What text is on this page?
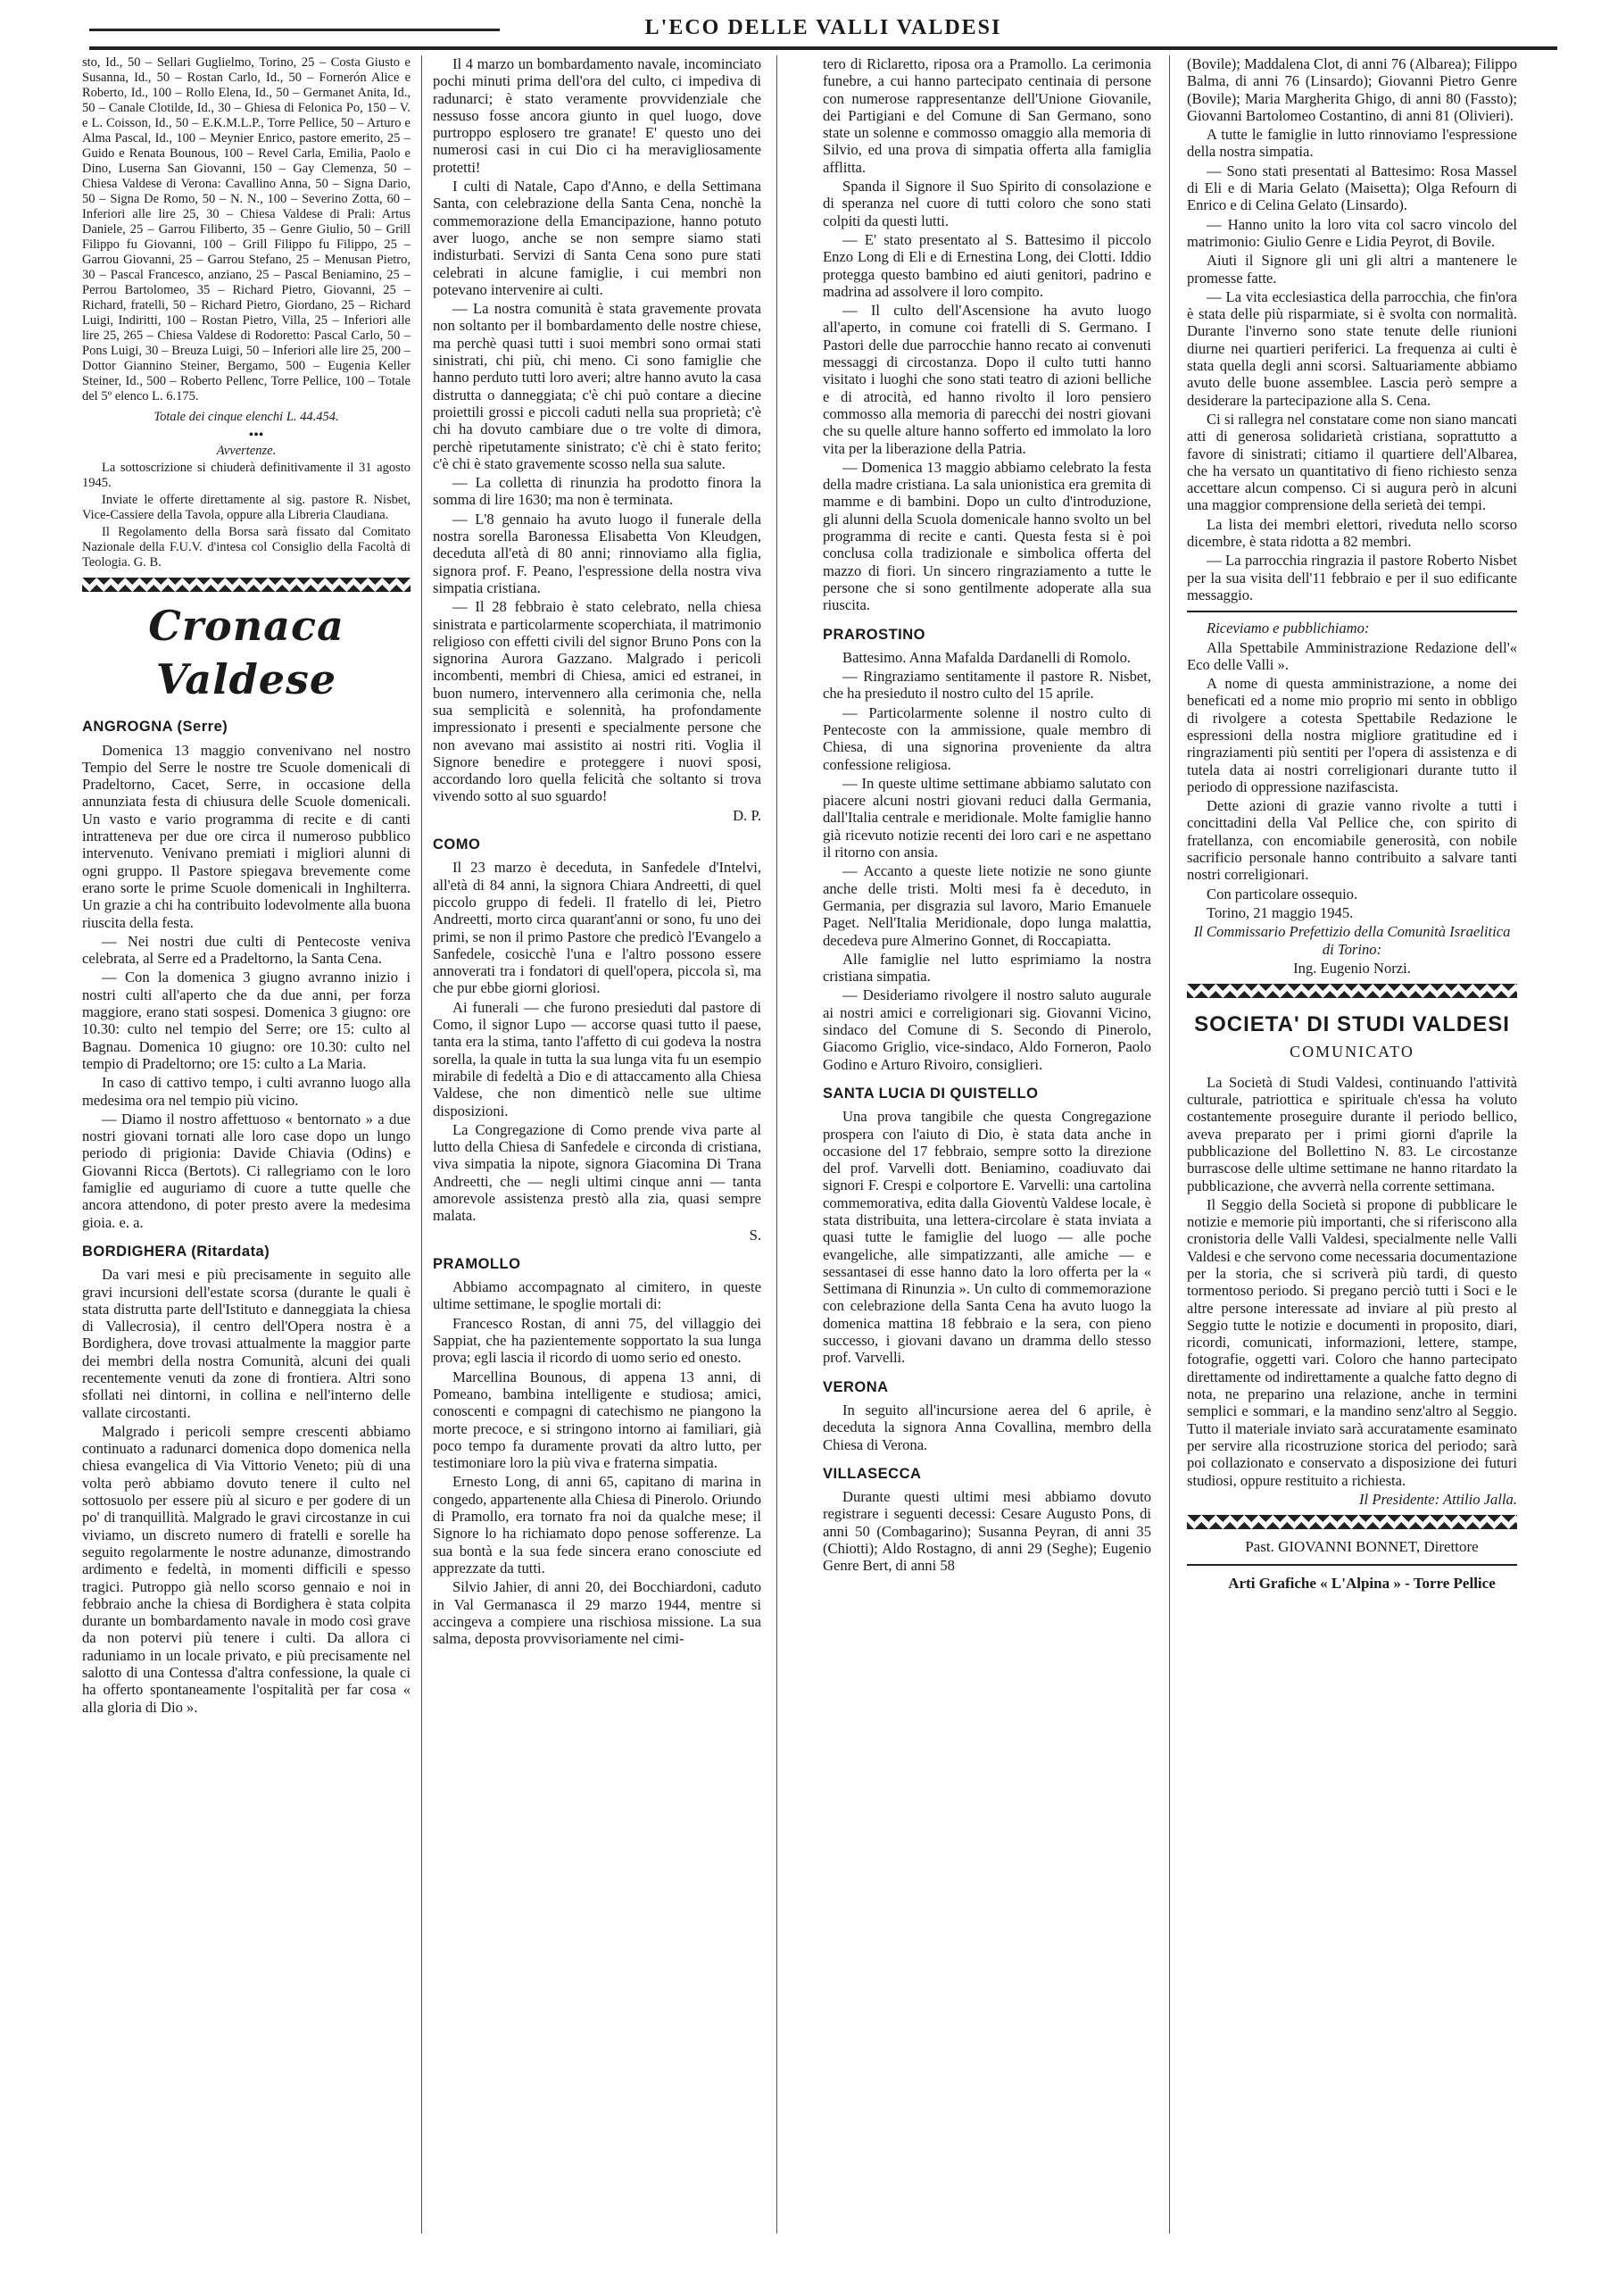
L'ECO DELLE VALLI VALDESI

sto, Id., 50 – Sellari Guglielmo, Torino, 25 – Costa Giusto e Susanna, Id., 50 – Rostan Carlo, Id., 50 – Fornerón Alice e Roberto, Id., 100 – Rollo Elena, Id., 50 – Germanet Anita, Id., 50 – Canale Clotilde, Id., 30 – Ghiesa di Felonica Po, 150 – V. e L. Coisson, Id., 50 – E.K.M.L.P., Torre Pellice, 50 – Arturo e Alma Pascal, Id., 100 – Meynier Enrico, pastore emerito, 25 – Guido e Renata Bounous, 100 – Revel Carla, Emilia, Paolo e Dino, Luserna San Giovanni, 150 – Gay Clemenza, 50 – Chiesa Valdese di Verona: Cavallino Anna, 50 – Signa Dario, 50 – Signa De Romo, 50 – N. N., 100 – Severino Zotta, 60 – Inferiori alle lire 25, 30 – Chiesa Valdese di Prali: Artus Daniele, 25 – Garrou Filiberto, 35 – Genre Giulio, 50 – Grill Filippo fu Giovanni, 100 – Grill Filippo fu Filippo, 25 – Garrou Giovanni, 25 – Garrou Stefano, 25 – Menusan Pietro, 30 – Pascal Francesco, anziano, 25 – Pascal Beniamino, 25 – Perrou Bartolomeo, 35 – Richard Pietro, Giovanni, 25 – Richard, fratelli, 50 – Richard Pietro, Giordano, 25 – Richard Luigi, Indiritti, 100 – Rostan Pietro, Villa, 25 – Inferiori alle lire 25, 265 – Chiesa Valdese di Rodoretto: Pascal Carlo, 50 – Pons Luigi, 30 – Breuza Luigi, 50 – Inferiori alle lire 25, 200 – Dottor Giannino Steiner, Bergamo, 500 – Eugenia Keller Steiner, Id., 500 – Roberto Pellenc, Torre Pellice, 100 – Totale del 5º elenco L. 6.175.

Totale dei cinque elenchi L. 44.454.

•••

Avvertenze.

La sottoscrizione si chiuderà definitivamente il 31 agosto 1945.

Inviate le offerte direttamente al sig. pastore R. Nisbet, Vice-Cassiere della Tavola, oppure alla Libreria Claudiana.

Il Regolamento della Borsa sarà fissato dal Comitato Nazionale della F.U.V. d'intesa col Consiglio della Facoltà di Teologia. G. B.

Cronaca Valdese

ANGROGNA (Serre)

Domenica 13 maggio convenivano nel nostro Tempio del Serre le nostre tre Scuole domenicali di Pradeltorno, Cacet, Serre, in occasione della annunziata festa di chiusura delle Scuole domenicali. Un vasto e vario programma di recite e di canti intratteneva per due ore circa il numeroso pubblico intervenuto. Venivano premiati i migliori alunni di ogni gruppo. Il Pastore spiegava brevemente come erano sorte le prime Scuole domenicali in Inghilterra. Un grazie a chi ha contribuito lodevolmente alla buona riuscita della festa.

— Nei nostri due culti di Pentecoste veniva celebrata, al Serre ed a Pradeltorno, la Santa Cena.

— Con la domenica 3 giugno avranno inizio i nostri culti all'aperto che da due anni, per forza maggiore, erano stati sospesi. Domenica 3 giugno: ore 10.30: culto nel tempio del Serre; ore 15: culto al Bagnau. Domenica 10 giugno: ore 10.30: culto nel tempio di Pradeltorno; ore 15: culto a La Maria.

In caso di cattivo tempo, i culti avranno luogo alla medesima ora nel tempio più vicino.

— Diamo il nostro affettuoso « bentornato » a due nostri giovani tornati alle loro case dopo un lungo periodo di prigionia: Davide Chiavia (Odins) e Giovanni Ricca (Bertots). Ci rallegriamo con le loro famiglie ed auguriamo di cuore a tutte quelle che ancora attendono, di poter presto avere la medesima gioia. e. a.

BORDIGHERA (Ritardata)

Da vari mesi e più precisamente in seguito alle gravi incursioni dell'estate scorsa (durante le quali è stata distrutta parte dell'Istituto e danneggiata la chiesa di Vallecrosia), il centro dell'Opera nostra è a Bordighera, dove trovasi attualmente la maggior parte dei membri della nostra Comunità, alcuni dei quali recentemente venuti da zone di frontiera. Altri sono sfollati nei dintorni, in collina e nell'interno delle vallate circostanti.

Malgrado i pericoli sempre crescenti abbiamo continuato a radunarci domenica dopo domenica nella chiesa evangelica di Via Vittorio Veneto; più di una volta però abbiamo dovuto tenere il culto nel sottosuolo per essere più al sicuro e per godere di un po' di tranquillità. Malgrado le gravi circostanze in cui viviamo, un discreto numero di fratelli e sorelle ha seguito regolarmente le nostre adunanze, dimostrando ardimento e fedeltà, in momenti difficili e spesso tragici. Putroppo già nello scorso gennaio e noi in febbraio anche la chiesa di Bordighera è stata colpita durante un bombardamento navale in modo così grave da non potervi più tenere i culti. Da allora ci raduniamo in un locale privato, e più precisamente nel salotto di una Contessa d'altra confessione, la quale ci ha offerto spontaneamente l'ospitalità per far cosa « alla gloria di Dio ».

Il 4 marzo un bombardamento navale, incominciato pochi minuti prima dell'ora del culto, ci impediva di radunarci; è stato veramente provvidenziale che nessuso fosse ancora giunto in quel luogo, dove purtroppo esplosero tre granate! E' questo uno dei numerosi casi in cui Dio ci ha meravigliosamente protetti!

I culti di Natale, Capo d'Anno, e della Settimana Santa, con celebrazione della Santa Cena, nonchè la commemorazione della Emancipazione, hanno potuto aver luogo, anche se non sempre siamo stati indisturbati. Servizi di Santa Cena sono pure stati celebrati in alcune famiglie, i cui membri non potevano intervenire ai culti.

— La nostra comunità è stata gravemente provata non soltanto per il bombardamento delle nostre chiese, ma perchè quasi tutti i suoi membri sono ormai stati sinistrati, chi più, chi meno. Ci sono famiglie che hanno perduto tutti loro averi; altre hanno avuto la casa distrutta o danneggiata; c'è chi può contare a diecine proiettili grossi e piccoli caduti nella sua proprietà; c'è chi ha dovuto cambiare due o tre volte di dimora, perchè ripetutamente sinistrato; c'è chi è stato ferito; c'è chi è stato gravemente scosso nella sua salute.

— La colletta di rinunzia ha prodotto finora la somma di lire 1630; ma non è terminata.

— L'8 gennaio ha avuto luogo il funerale della nostra sorella Baronessa Elisabetta Von Kleudgen, deceduta all'età di 80 anni; rinnoviamo alla figlia, signora prof. F. Peano, l'espressione della nostra viva simpatia cristiana.

— Il 28 febbraio è stato celebrato, nella chiesa sinistrata e particolarmente scoperchiata, il matrimonio religioso con effetti civili del signor Bruno Pons con la signorina Aurora Gazzano. Malgrado i pericoli incombenti, membri di Chiesa, amici ed estranei, in buon numero, intervennero alla cerimonia che, nella sua semplicità e solennità, ha profondamente impressionato i presenti e specialmente persone che non avevano mai assistito ai nostri riti. Voglia il Signore benedire e proteggere i nuovi sposi, accordando loro quella felicità che soltanto si trova vivendo sotto al suo sguardo!

D. P.

COMO

Il 23 marzo è deceduta, in Sanfedele d'Intelvi, all'età di 84 anni, la signora Chiara Andreetti, di quel piccolo gruppo di fedeli. Il fratello di lei, Pietro Andreetti, morto circa quarant'anni or sono, fu uno dei primi, se non il primo Pastore che predicò l'Evangelo a Sanfedele, cosicchè l'una e l'altro possono essere annoverati tra i fondatori di quell'opera, piccola sì, ma che pur ebbe giorni gloriosi.

Ai funerali — che furono presieduti dal pastore di Como, il signor Lupo — accorse quasi tutto il paese, tanta era la stima, tanto l'affetto di cui godeva la nostra sorella, la quale in tutta la sua lunga vita fu un esempio mirabile di fedeltà a Dio e di attaccamento alla Chiesa Valdese, che non dimenticò nelle sue ultime disposizioni.

La Congregazione di Como prende viva parte al lutto della Chiesa di Sanfedele e circonda di cristiana, viva simpatia la nipote, signora Giacomina Di Trana Andreetti, che — negli ultimi cinque anni — tanta amorevole assistenza prestò alla zia, quasi sempre malata.

S.

PRAMOLLO

Abbiamo accompagnato al cimitero, in queste ultime settimane, le spoglie mortali di:

Francesco Rostan, di anni 75, del villaggio dei Sappiat, che ha pazientemente sopportato la sua lunga prova; egli lascia il ricordo di uomo serio ed onesto.

Marcellina Bounous, di appena 13 anni, di Pomeano, bambina intelligente e studiosa; amici, conoscenti e compagni di catechismo ne piangono la morte precoce, e si stringono intorno ai familiari, già poco tempo fa duramente provati da altro lutto, per testimoniare loro la più viva e fraterna simpatia.

Ernesto Long, di anni 65, capitano di marina in congedo, appartenente alla Chiesa di Pinerolo. Oriundo di Pramollo, era tornato fra noi da qualche mese; il Signore lo ha richiamato dopo penose sofferenze. La sua bontà e la sua fede sincera erano conosciute ed apprezzate da tutti.

Silvio Jahier, di anni 20, dei Bocchiardoni, caduto in Val Germanasca il 29 marzo 1944, mentre si accingeva a compiere una rischiosa missione. La sua salma, deposta provvisoriamente nel cimi-

tero di Riclaretto, riposa ora a Pramollo. La cerimonia funebre, a cui hanno partecipato centinaia di persone con numerose rappresentanze dell'Unione Giovanile, dei Partigiani e del Comune di San Germano, sono state un solenne e commosso omaggio alla memoria di Silvio, ed una prova di simpatia offerta alla famiglia afflitta.

Spanda il Signore il Suo Spirito di consolazione e di speranza nel cuore di tutti coloro che sono stati colpiti da questi lutti.

— E' stato presentato al S. Battesimo il piccolo Enzo Long di Eli e di Ernestina Long, dei Clotti. Iddio protegga questo bambino ed aiuti genitori, padrino e madrina ad assolvere il loro compito.

— Il culto dell'Ascensione ha avuto luogo all'aperto, in comune coi fratelli di S. Germano. I Pastori delle due parrocchie hanno recato ai convenuti messaggi di circostanza. Dopo il culto tutti hanno visitato i luoghi che sono stati teatro di azioni belliche e di atrocità, ed hanno rivolto il loro pensiero commosso alla memoria di parecchi dei nostri giovani che su quelle alture hanno sofferto ed immolato la loro vita per la liberazione della Patria.

— Domenica 13 maggio abbiamo celebrato la festa della madre cristiana. La sala unionistica era gremita di mamme e di bambini. Dopo un culto d'introduzione, gli alunni della Scuola domenicale hanno svolto un bel programma di recite e canti. Questa festa si è poi conclusa colla tradizionale e simbolica offerta del mazzo di fiori. Un sincero ringraziamento a tutte le persone che si sono gentilmente adoperate alla sua riuscita.

PRAROSTINO

Battesimo. Anna Mafalda Dardanelli di Romolo.

— Ringraziamo sentitamente il pastore R. Nisbet, che ha presieduto il nostro culto del 15 aprile.

— Particolarmente solenne il nostro culto di Pentecoste con la ammissione, quale membro di Chiesa, di una signorina proveniente da altra confessione religiosa.

— In queste ultime settimane abbiamo salutato con piacere alcuni nostri giovani reduci dalla Germania, dall'Italia centrale e meridionale. Molte famiglie hanno già ricevuto notizie recenti dei loro cari e ne aspettano il ritorno con ansia.

— Accanto a queste liete notizie ne sono giunte anche delle tristi. Molti mesi fa è deceduto, in Germania, per disgrazia sul lavoro, Mario Emanuele Paget. Nell'Italia Meridionale, dopo lunga malattia, decedeva pure Almerino Gonnet, di Roccapiatta.

Alle famiglie nel lutto esprimiamo la nostra cristiana simpatia.

— Desideriamo rivolgere il nostro saluto augurale ai nostri amici e correligionari sig. Giovanni Vicino, sindaco del Comune di S. Secondo di Pinerolo, Giacomo Griglio, vice-sindaco, Aldo Forneron, Paolo Godino e Arturo Rivoiro, consiglieri.

SANTA LUCIA DI QUISTELLO

Una prova tangibile che questa Congregazione prospera con l'aiuto di Dio, è stata data anche in occasione del 17 febbraio, sempre sotto la direzione del prof. Varvelli dott. Beniamino, coadiuvato dai signori F. Crespi e colportore E. Varvelli: una cartolina commemorativa, edita dalla Gioventù Valdese locale, è stata distribuita, una lettera-circolare è stata inviata a quasi tutte le famiglie del luogo — alle poche evangeliche, alle simpatizzanti, alle amiche — e sessantasei di esse hanno dato la loro offerta per la « Settimana di Rinunzia ». Un culto di commemorazione con celebrazione della Santa Cena ha avuto luogo la domenica mattina 18 febbraio e la sera, con pieno successo, i giovani davano un dramma dello stesso prof. Varvelli.

VERONA

In seguito all'incursione aerea del 6 aprile, è deceduta la signora Anna Covallina, membro della Chiesa di Verona.

VILLASECCA

Durante questi ultimi mesi abbiamo dovuto registrare i seguenti decessi: Cesare Augusto Pons, di anni 50 (Combagarino); Susanna Peyran, di anni 35 (Chiotti); Aldo Rostagno, di anni 29 (Seghe); Eugenio Genre Bert, di anni 58

(Bovile); Maddalena Clot, di anni 76 (Albarea); Filippo Balma, di anni 76 (Linsardo); Giovanni Pietro Genre (Bovile); Maria Margherita Ghigo, di anni 80 (Fassto); Giovanni Bartolomeo Costantino, di anni 81 (Olivieri).

A tutte le famiglie in lutto rinnoviamo l'espressione della nostra simpatia.

— Sono stati presentati al Battesimo: Rosa Massel di Eli e di Maria Gelato (Maisetta); Olga Refourn di Enrico e di Celina Gelato (Linsardo).

— Hanno unito la loro vita col sacro vincolo del matrimonio: Giulio Genre e Lidia Peyrot, di Bovile.

Aiuti il Signore gli uni gli altri a mantenere le promesse fatte.

— La vita ecclesiastica della parrocchia, che fin'ora è stata delle più risparmiate, si è svolta con normalità. Durante l'inverno sono state tenute delle riunioni diurne nei quartieri periferici. La frequenza ai culti è stata quella degli anni scorsi. Saltuariamente abbiamo avuto delle buone assemblee. Lascia però sempre a desiderare la partecipazione alla S. Cena.

Ci si rallegra nel constatare come non siano mancati atti di generosa solidarietà cristiana, soprattutto a favore di sinistrati; citiamo il quartiere dell'Albarea, che ha versato un quantitativo di fieno richiesto senza accettare alcun compenso. Ci si augura però in alcuni una maggior comprensione della serietà dei tempi.

La lista dei membri elettori, riveduta nello scorso dicembre, è stata ridotta a 82 membri.

— La parrocchia ringrazia il pastore Roberto Nisbet per la sua visita dell'11 febbraio e per il suo edificante messaggio.

Riceviamo e pubblichiamo:

Alla Spettabile Amministrazione Redazione dell'« Eco delle Valli ».

A nome di questa amministrazione, a nome dei beneficati ed a nome mio proprio mi sento in obbligo di rivolgere a cotesta Spettabile Redazione le espressioni della nostra migliore gratitudine ed i ringraziamenti più sentiti per l'opera di assistenza e di tutela data ai nostri correligionari durante tutto il periodo di oppressione nazifascista.

Dette azioni di grazie vanno rivolte a tutti i concittadini della Val Pellice che, con spirito di fratellanza, con encomiabile generosità, con nobile sacrificio personale hanno contribuito a salvare tanti nostri correligionari.

Con particolare ossequio.

Torino, 21 maggio 1945.

Il Commissario Prefettizio della Comunità Israelitica di Torino:

Ing. Eugenio Norzi.

SOCIETA' DI STUDI VALDESI
COMUNICATO

La Società di Studi Valdesi, continuando l'attività culturale, patriottica e spirituale ch'essa ha voluto costantemente proseguire durante il periodo bellico, aveva preparato per i primi giorni d'aprile la pubblicazione del Bollettino N. 83. Le circostanze burrascose delle ultime settimane ne hanno ritardato la pubblicazione, che avverrà nella corrente settimana.

Il Seggio della Società si propone di pubblicare le notizie e memorie più importanti, che si riferiscono alla cronistoria delle Valli Valdesi, specialmente nelle Valli Valdesi e che servono come necessaria documentazione per la storia, che si scriverà più tardi, di questo tormentoso periodo. Si pregano perciò tutti i Soci e le altre persone interessate ad inviare al più presto al Seggio tutte le notizie e documenti in proposito, diari, ricordi, comunicati, informazioni, lettere, stampe, fotografie, oggetti vari. Coloro che hanno partecipato direttamente od indirettamente a qualche fatto degno di nota, ne preparino una relazione, anche in termini semplici e sommari, e la mandino senz'altro al Seggio. Tutto il materiale inviato sarà accuratamente esaminato per servire alla ricostruzione storica del periodo; sarà poi collazionato e conservato a disposizione dei futuri studiosi, oppure restituito a richiesta.

Il Presidente: Attilio Jalla.

Past. GIOVANNI BONNET, Direttore

Arti Grafiche « L'Alpina » - Torre Pellice
